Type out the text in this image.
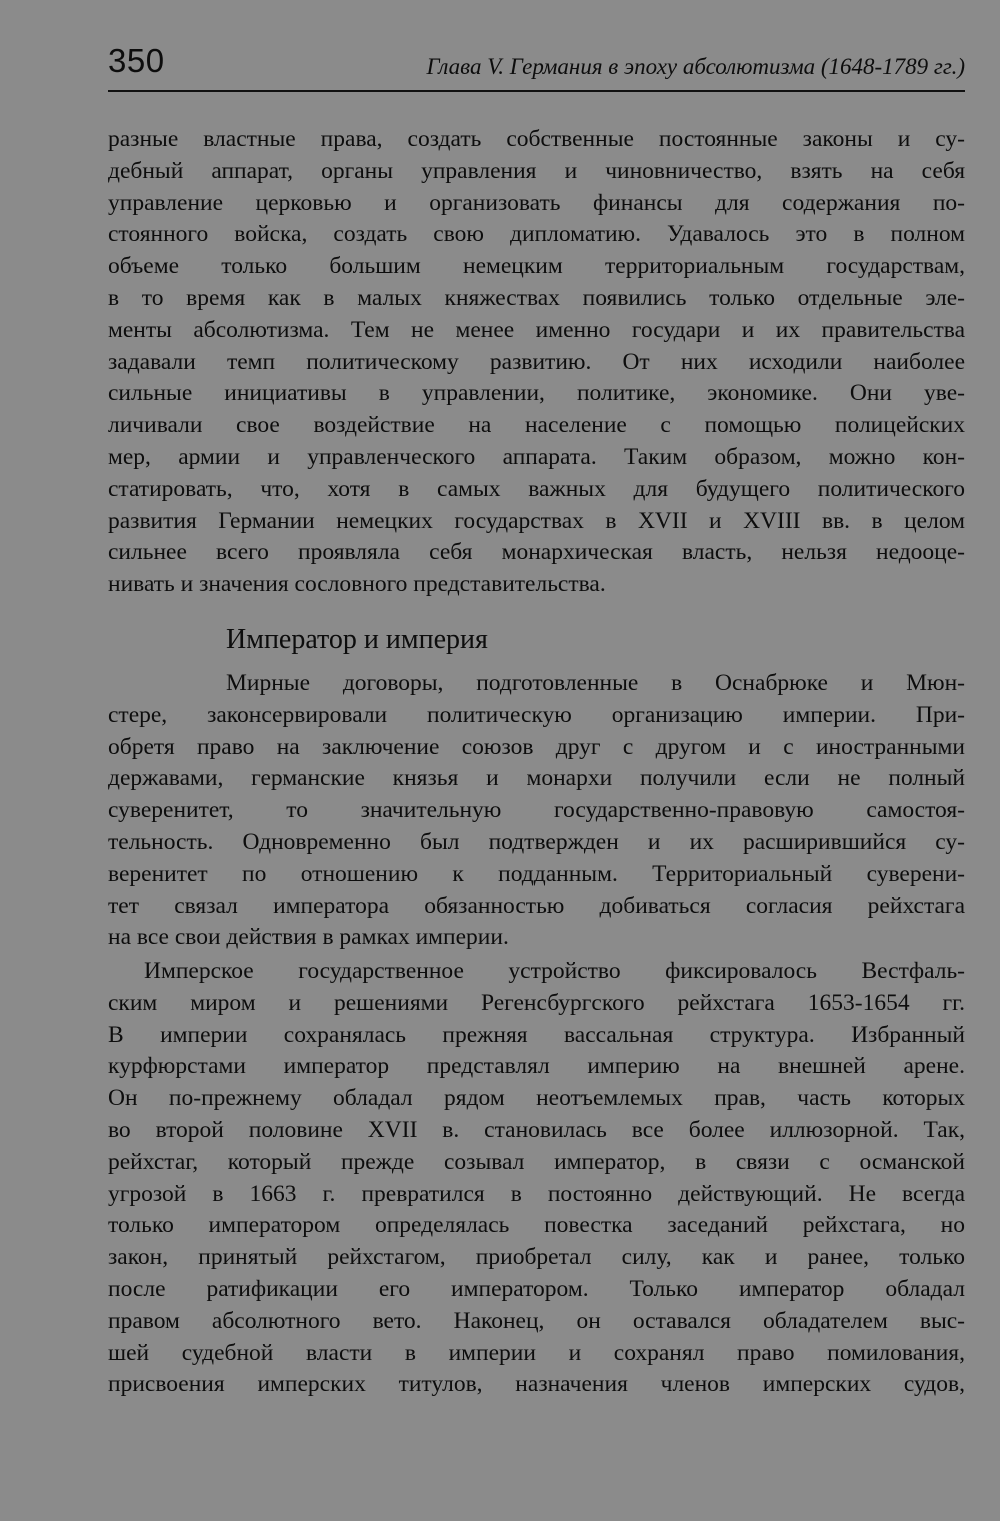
350	Глава V. Германия в эпоху абсолютизма (1648-1789 гг.)
разные властные права, создать собственные постоянные законы и су-
дебный аппарат, органы управления и чиновничество, взять на себя
управление церковью и организовать финансы для содержания по-
стоянного войска, создать свою дипломатию. Удавалось это в полном
объеме только большим немецким территориальным государствам,
в то время как в малых княжествах появились только отдельные эле-
менты абсолютизма. Тем не менее именно государи и их правительства
задавали темп политическому развитию. От них исходили наиболее
сильные инициативы в управлении, политике, экономике. Они уве-
личивали свое воздействие на население с помощью полицейских
мер, армии и управленческого аппарата. Таким образом, можно кон-
статировать, что, хотя в самых важных для будущего политического
развития Германии немецких государствах в XVII и XVIII вв. в целом
сильнее всего проявляла себя монархическая власть, нельзя недооце-
нивать и значения сословного представительства.
Император и империя
Мирные договоры, подготовленные в Оснабрюке и Мюн-
стере, законсервировали политическую организацию империи. При-
обретя право на заключение союзов друг с другом и с иностранными
державами, германские князья и монархи получили если не полный
суверенитет, то значительную государственно-правовую самостоя-
тельность. Одновременно был подтвержден и их расширившийся су-
веренитет по отношению к подданным. Территориальный суверени-
тет связал императора обязанностью добиваться согласия рейхстага
на все свои действия в рамках империи.
Имперское государственное устройство фиксировалось Вестфаль-
ским миром и решениями Регенсбургского рейхстага 1653-1654 гг.
В империи сохранялась прежняя вассальная структура. Избранный
курфюрстами император представлял империю на внешней арене.
Он по-прежнему обладал рядом неотъемлемых прав, часть которых
во второй половине XVII в. становилась все более иллюзорной. Так,
рейхстаг, который прежде созывал император, в связи с османской
угрозой в 1663 г. превратился в постоянно действующий. Не всегда
только императором определялась повестка заседаний рейхстага, но
закон, принятый рейхстагом, приобретал силу, как и ранее, только
после ратификации его императором. Только император обладал
правом абсолютного вето. Наконец, он оставался обладателем выс-
шей судебной власти в империи и сохранял право помилования,
присвоения имперских титулов, назначения членов имперских судов,
